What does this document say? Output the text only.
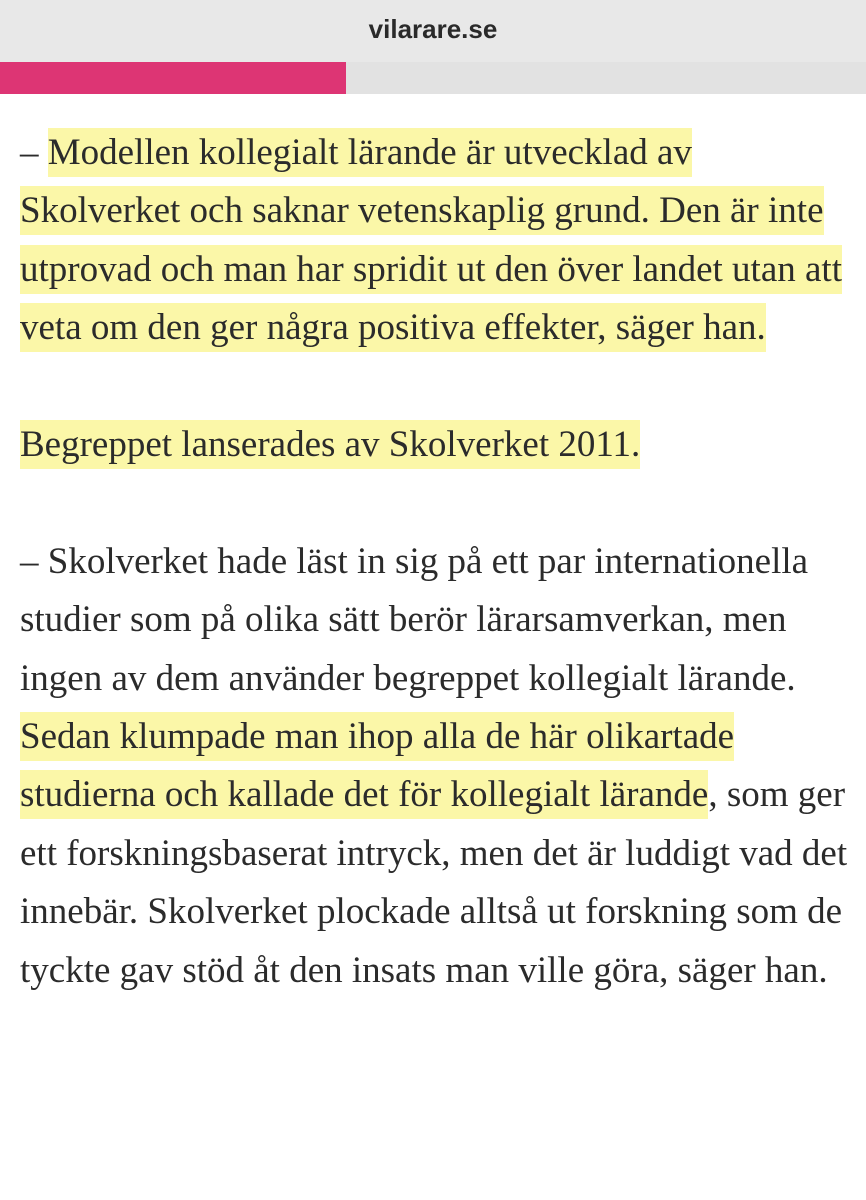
vilarare.se

– Modellen kollegialt lärande är utvecklad av Skolverket och saknar vetenskaplig grund. Den är inte utprovad och man har spridit ut den över landet utan att veta om den ger några positiva effekter, säger han.

Begreppet lanserades av Skolverket 2011.

– Skolverket hade läst in sig på ett par internationella studier som på olika sätt berör lärarsamverkan, men ingen av dem använder begreppet kollegialt lärande. Sedan klumpade man ihop alla de här olikartade studierna och kallade det för kollegialt lärande, som ger ett forskningsbaserat intryck, men det är luddigt vad det innebär. Skolverket plockade alltså ut forskning som de tyckte gav stöd åt den insats man ville göra, säger han.
